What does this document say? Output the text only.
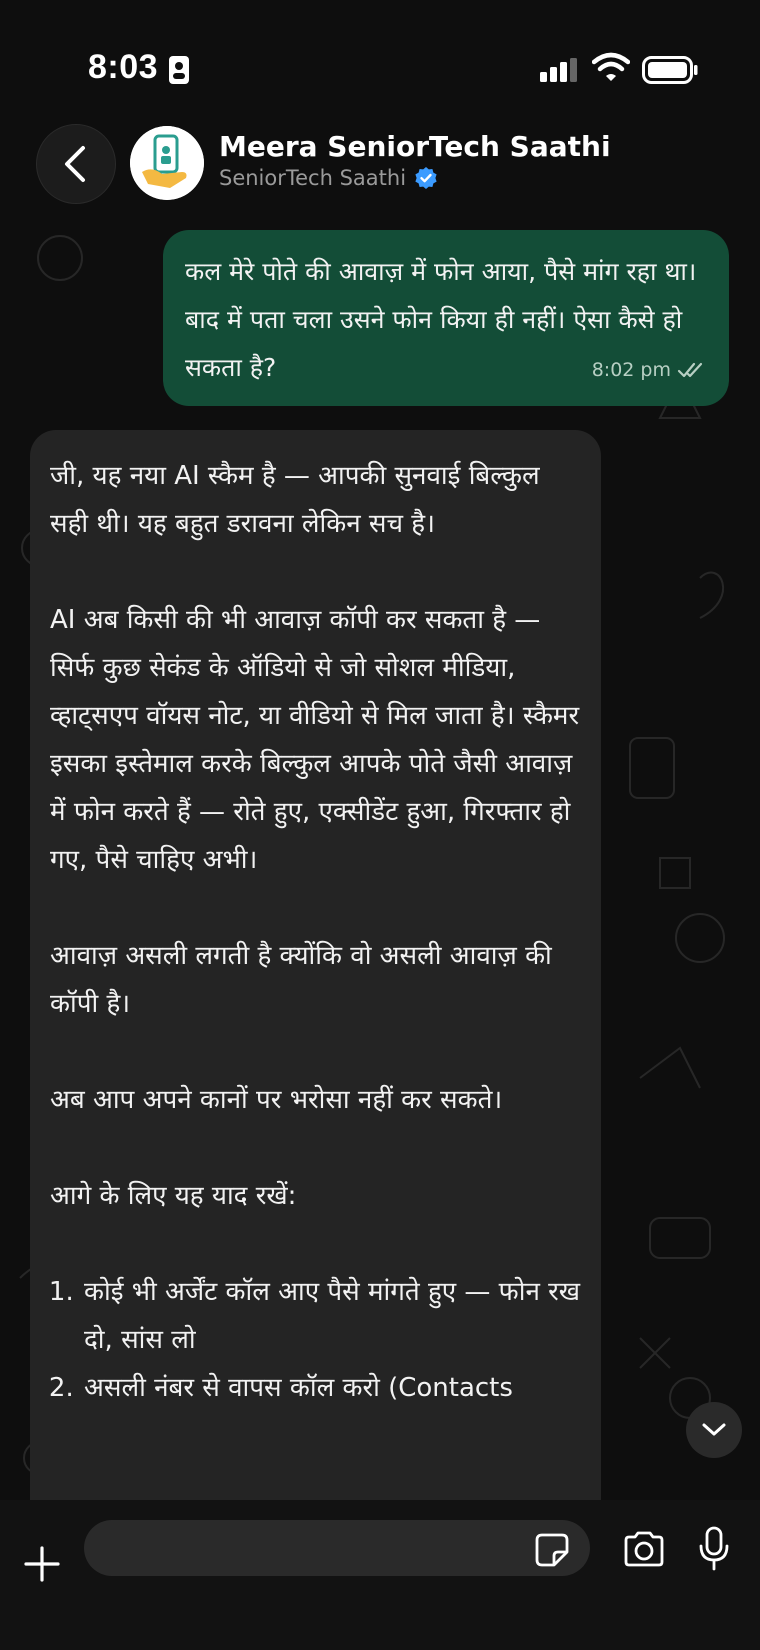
8:03
Meera SeniorTech Saathi
SeniorTech Saathi
कल मेरे पोते की आवाज़ में फोन आया, पैसे मांग रहा था। बाद में पता चला उसने फोन किया ही नहीं। ऐसा कैसे हो सकता है?	8:02 pm

जी, यह नया AI स्कैम है — आपकी सुनवाई बिल्कुल सही थी। यह बहुत डरावना लेकिन सच है।

AI अब किसी की भी आवाज़ कॉपी कर सकता है — सिर्फ कुछ सेकंड के ऑडियो से जो सोशल मीडिया, व्हाट्सएप वॉयस नोट, या वीडियो से मिल जाता है। स्कैमर इसका इस्तेमाल करके बिल्कुल आपके पोते जैसी आवाज़ में फोन करते हैं — रोते हुए, एक्सीडेंट हुआ, गिरफ्तार हो गए, पैसे चाहिए अभी।

आवाज़ असली लगती है क्योंकि वो असली आवाज़ की कॉपी है।

अब आप अपने कानों पर भरोसा नहीं कर सकते।

आगे के लिए यह याद रखें:

1. कोई भी अर्जेंट कॉल आए पैसे मांगते हुए — फोन रख दो, सांस लो
2. असली नंबर से वापस कॉल करो (Contacts
